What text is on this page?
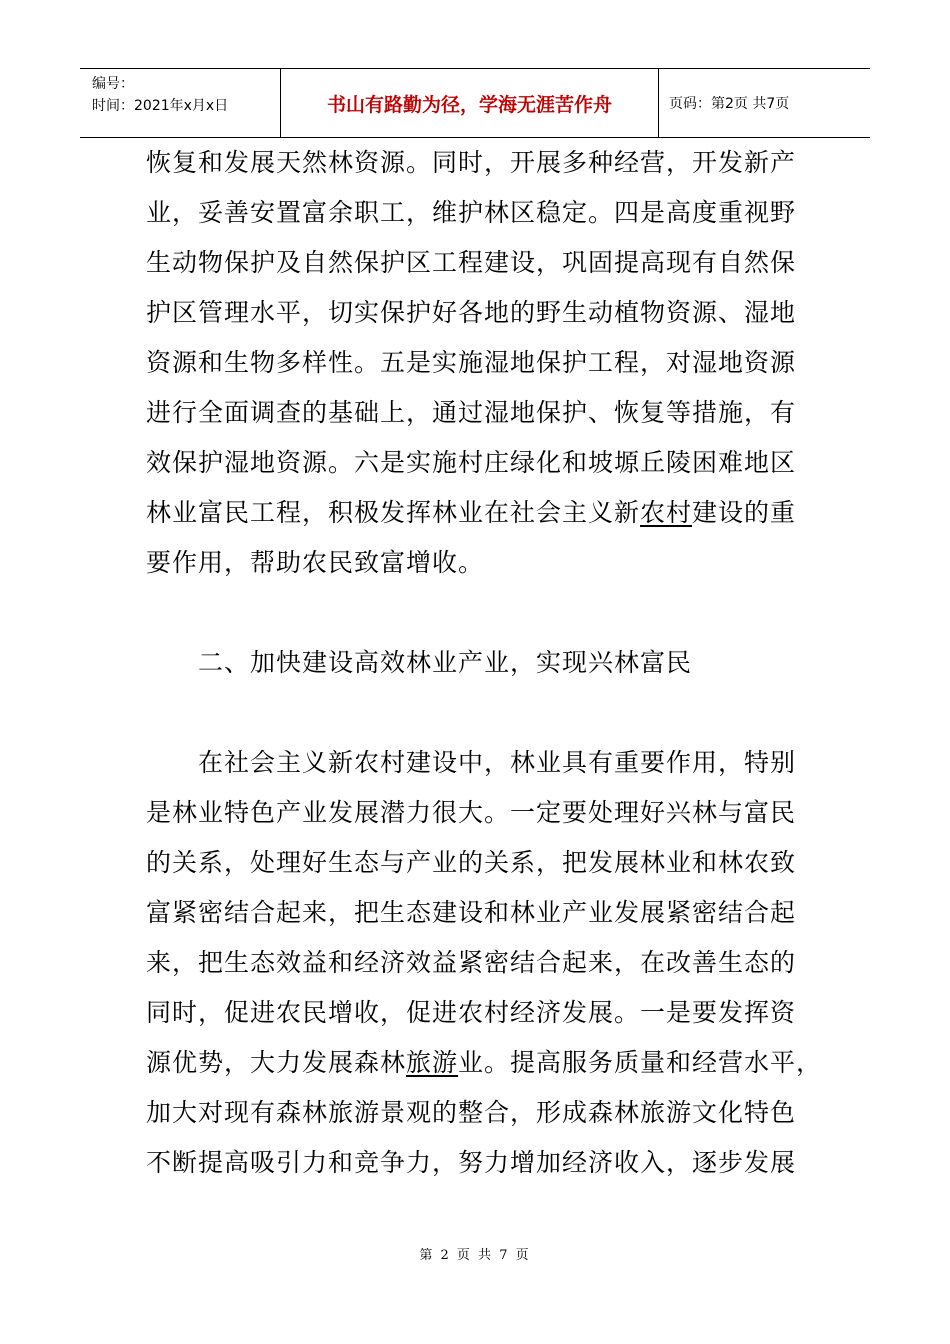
编号：
时间：2021年x月x日	书山有路勤为径，学海无涯苦作舟	页码：第2页 共7页
恢复和发展天然林资源。同时，开展多种经营，开发新产
业，妥善安置富余职工，维护林区稳定。四是高度重视野
生动物保护及自然保护区工程建设，巩固提高现有自然保
护区管理水平，切实保护好各地的野生动植物资源、湿地
资源和生物多样性。五是实施湿地保护工程，对湿地资源
进行全面调查的基础上，通过湿地保护、恢复等措施，有
效保护湿地资源。六是实施村庄绿化和坡塬丘陵困难地区
林业富民工程，积极发挥林业在社会主义新农村建设的重
要作用，帮助农民致富增收。
二、加快建设高效林业产业，实现兴林富民
在社会主义新农村建设中，林业具有重要作用，特别
是林业特色产业发展潜力很大。一定要处理好兴林与富民
的关系，处理好生态与产业的关系，把发展林业和林农致
富紧密结合起来，把生态建设和林业产业发展紧密结合起
来，把生态效益和经济效益紧密结合起来，在改善生态的
同时，促进农民增收，促进农村经济发展。一是要发挥资
源优势，大力发展森林旅游业。提高服务质量和经营水平，
加大对现有森林旅游景观的整合，形成森林旅游文化特色
不断提高吸引力和竞争力，努力增加经济收入，逐步发展
第 2 页 共 7 页
